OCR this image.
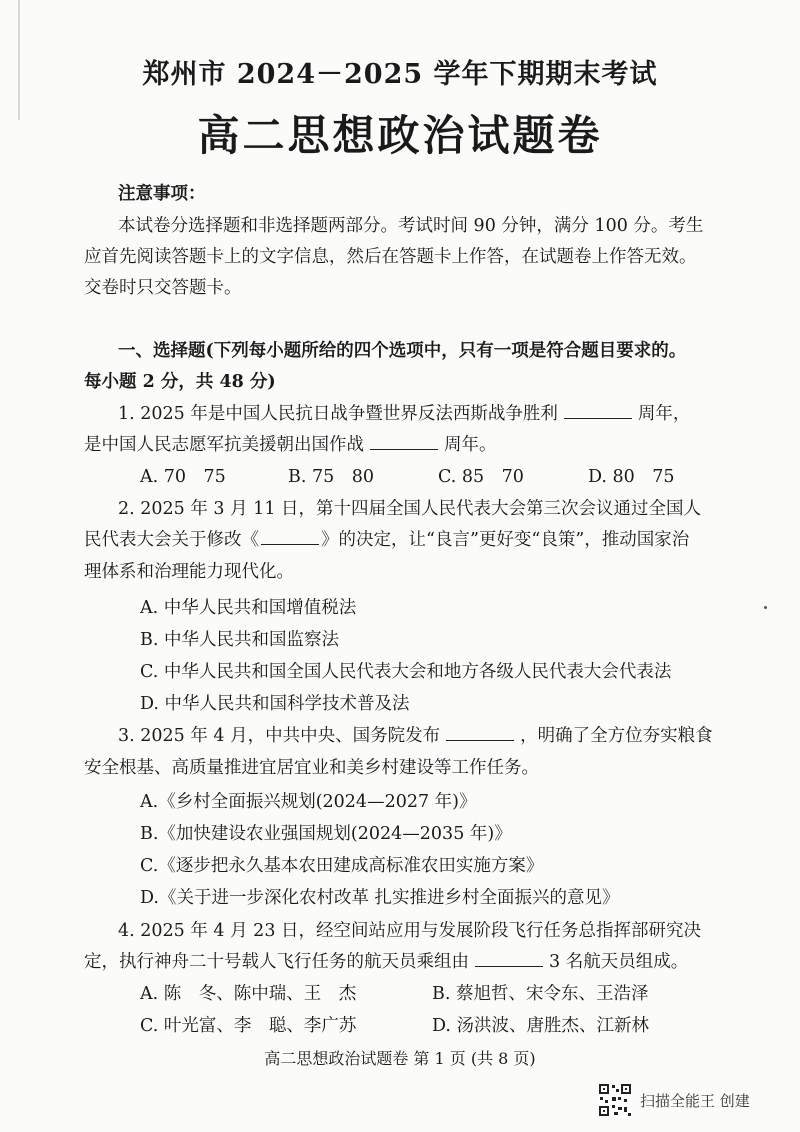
郑州市 2024－2025 学年下期期末考试
高二思想政治试题卷
注意事项：
本试卷分选择题和非选择题两部分。考试时间 90 分钟，满分 100 分。考生
应首先阅读答题卡上的文字信息，然后在答题卡上作答，在试题卷上作答无效。
交卷时只交答题卡。
一、选择题(下列每小题所给的四个选项中，只有一项是符合题目要求的。
每小题 2 分，共 48 分)
1. 2025 年是中国人民抗日战争暨世界反法西斯战争胜利	周年，
是中国人民志愿军抗美援朝出国作战	周年。
A. 70　75	B. 75　80	C. 85　70	D. 80　75
2. 2025 年 3 月 11 日，第十四届全国人民代表大会第三次会议通过全国人
民代表大会关于修改《	》的决定，让“良言”更好变“良策”，推动国家治
理体系和治理能力现代化。
A. 中华人民共和国增值税法
B. 中华人民共和国监察法
C. 中华人民共和国全国人民代表大会和地方各级人民代表大会代表法
D. 中华人民共和国科学技术普及法
3. 2025 年 4 月，中共中央、国务院发布	，明确了全方位夯实粮食
安全根基、高质量推进宜居宜业和美乡村建设等工作任务。
A.《乡村全面振兴规划(2024—2027 年)》
B.《加快建设农业强国规划(2024—2035 年)》
C.《逐步把永久基本农田建成高标准农田实施方案》
D.《关于进一步深化农村改革 扎实推进乡村全面振兴的意见》
4. 2025 年 4 月 23 日，经空间站应用与发展阶段飞行任务总指挥部研究决
定，执行神舟二十号载人飞行任务的航天员乘组由	3 名航天员组成。
A. 陈　冬、陈中瑞、王　杰	B. 蔡旭哲、宋令东、王浩泽
C. 叶光富、李　聪、李广苏	D. 汤洪波、唐胜杰、江新林
高二思想政治试题卷 第 1 页 (共 8 页)
扫描全能王 创建
